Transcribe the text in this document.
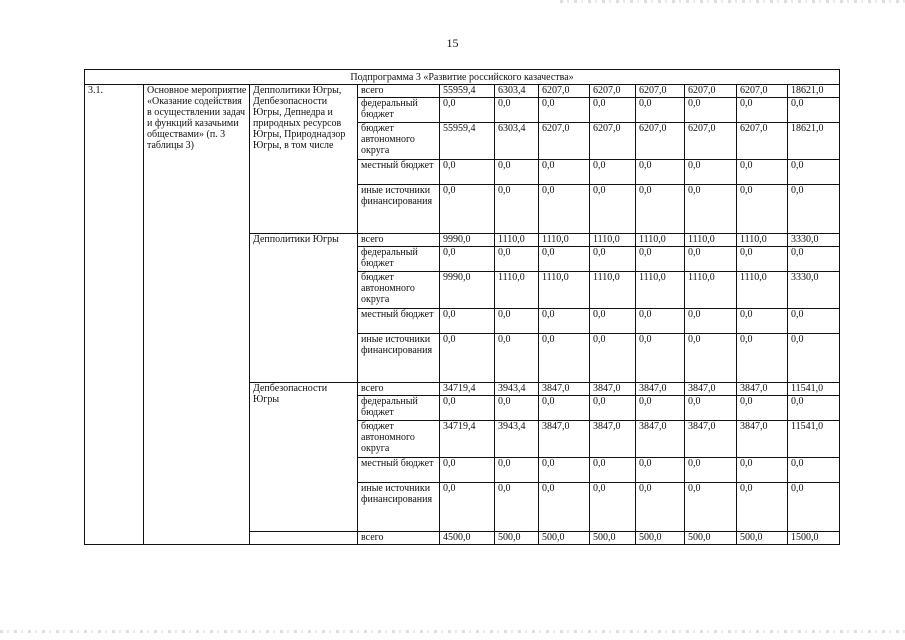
15
Подпрограмма 3 «Развитие российского казачества»											
3.1.	Основное мероприятие «Оказание содействия в осуществлении задач и функций казачьими обществами» (п. 3 таблицы 3)	Депполитики Югры, Депбезопасности Югры, Депнедра и природных ресурсов Югры, Природнадзор Югры, в том числе	всего	55959,4	6303,4	6207,0	6207,0	6207,0	6207,0	6207,0	18621,0
			федеральный бюджет	0,0	0,0	0,0	0,0	0,0	0,0	0,0	0,0
			бюджет автономного округа	55959,4	6303,4	6207,0	6207,0	6207,0	6207,0	6207,0	18621,0
			местный бюджет	0,0	0,0	0,0	0,0	0,0	0,0	0,0	0,0
			иные источники финансирования	0,0	0,0	0,0	0,0	0,0	0,0	0,0	0,0
		Депполитики Югры	всего	9990,0	1110,0	1110,0	1110,0	1110,0	1110,0	1110,0	3330,0
			федеральный бюджет	0,0	0,0	0,0	0,0	0,0	0,0	0,0	0,0
			бюджет автономного округа	9990,0	1110,0	1110,0	1110,0	1110,0	1110,0	1110,0	3330,0
			местный бюджет	0,0	0,0	0,0	0,0	0,0	0,0	0,0	0,0
			иные источники финансирования	0,0	0,0	0,0	0,0	0,0	0,0	0,0	0,0
		Депбезопасности Югры	всего	34719,4	3943,4	3847,0	3847,0	3847,0	3847,0	3847,0	11541,0
			федеральный бюджет	0,0	0,0	0,0	0,0	0,0	0,0	0,0	0,0
			бюджет автономного округа	34719,4	3943,4	3847,0	3847,0	3847,0	3847,0	3847,0	11541,0
			местный бюджет	0,0	0,0	0,0	0,0	0,0	0,0	0,0	0,0
			иные источники финансирования	0,0	0,0	0,0	0,0	0,0	0,0	0,0	0,0
			всего	4500,0	500,0	500,0	500,0	500,0	500,0	500,0	1500,0
